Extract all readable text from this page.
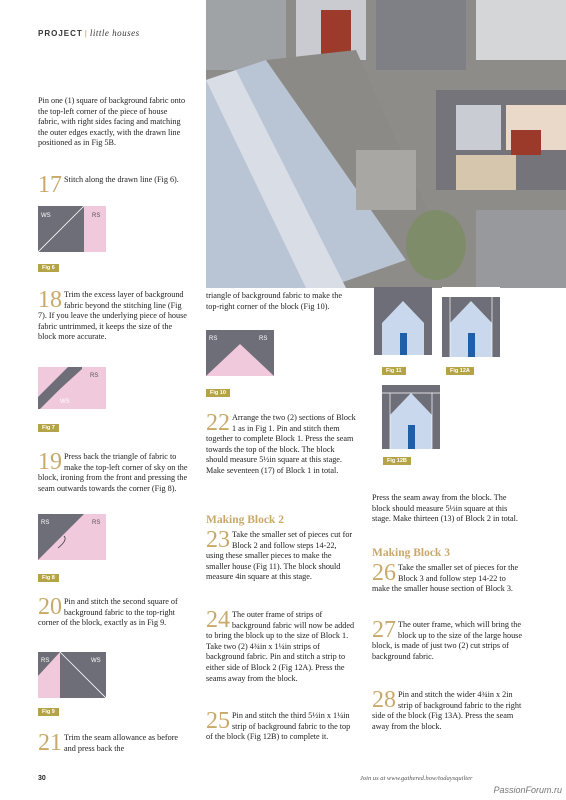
PROJECT | little houses
Pin one (1) square of background fabric onto the top-left corner of the piece of house fabric, with right sides facing and matching the outer edges exactly, with the drawn line positioned as in Fig 5B.
17 Stitch along the drawn line (Fig 6).
WS	RS
Fig 6
18 Trim the excess layer of background fabric beyond the stitching line (Fig 7). If you leave the underlying piece of house fabric untrimmed, it keeps the size of the block more accurate.
RS
WS
Fig 7
19 Press back the triangle of fabric to make the top-left corner of sky on the block, ironing from the front and pressing the seam outwards towards the corner (Fig 8).
RS	RS
Fig 8
20 Pin and stitch the second square of background fabric to the top-right corner of the block, exactly as in Fig 9.
RS	WS
Fig 9
21 Trim the seam allowance as before and press back the
triangle of background fabric to make the top-right corner of the block (Fig 10).
RS	RS
Fig 10
22 Arrange the two (2) sections of Block 1 as in Fig 1. Pin and stitch them together to complete Block 1. Press the seam towards the top of the block. The block should measure 5½in square at this stage. Make seventeen (17) of Block 1 in total.
Making Block 2
23 Take the smaller set of pieces cut for Block 2 and follow steps 14-22, using these smaller pieces to make the smaller house (Fig 11). The block should measure 4in square at this stage.
24 The outer frame of strips of background fabric will now be added to bring the block up to the size of Block 1. Take two (2) 4¾in x 1¼in strips of background fabric. Pin and stitch a strip to either side of Block 2 (Fig 12A). Press the seams away from the block.
25 Pin and stitch the third 5½in x 1¼in strip of background fabric to the top of the block (Fig 12B) to complete it.
Fig 11	Fig 12A
Fig 12B
Press the seam away from the block. The block should measure 5½in square at this stage. Make thirteen (13) of Block 2 in total.
Making Block 3
26 Take the smaller set of pieces for the Block 3 and follow step 14-22 to make the smaller house section of Block 3.
27 The outer frame, which will bring the block up to the size of the large house block, is made of just two (2) cut strips of background fabric.
28 Pin and stitch the wider 4¾in x 2in strip of background fabric to the right side of the block (Fig 13A). Press the seam away from the block.
30	Join us at www.gathered.how/todaysquilter
PassionForum.ru
